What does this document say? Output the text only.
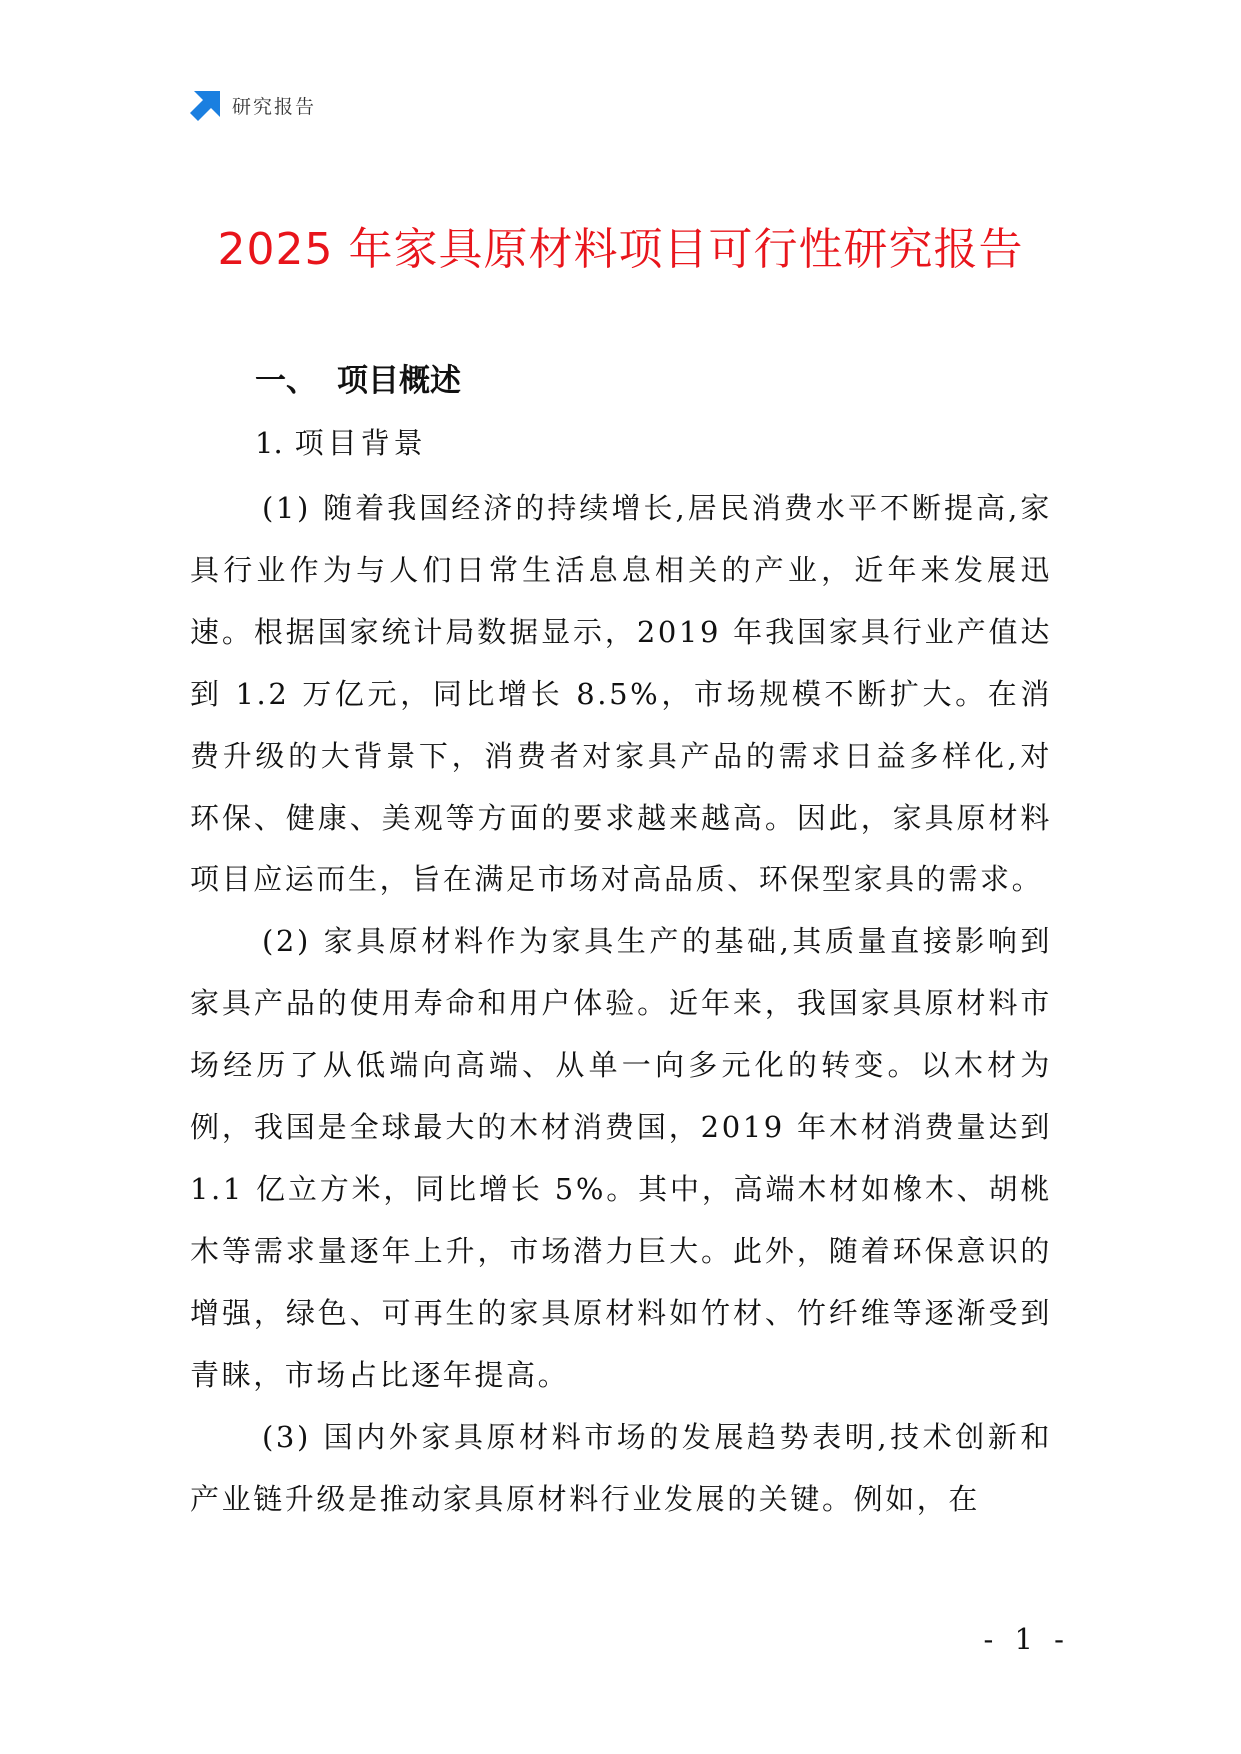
研究报告
2025 年家具原材料项目可行性研究报告
一、 项目概述
1. 项目背景

(1) 随着我国经济的持续增长,居民消费水平不断提高,家具行业作为与人们日常生活息息相关的产业，近年来发展迅速。根据国家统计局数据显示，2019 年我国家具行业产值达到 1.2 万亿元，同比增长 8.5%，市场规模不断扩大。在消费升级的大背景下，消费者对家具产品的需求日益多样化,对环保、健康、美观等方面的要求越来越高。因此，家具原材料项目应运而生，旨在满足市场对高品质、环保型家具的需求。

(2) 家具原材料作为家具生产的基础,其质量直接影响到家具产品的使用寿命和用户体验。近年来，我国家具原材料市场经历了从低端向高端、从单一向多元化的转变。以木材为例，我国是全球最大的木材消费国，2019 年木材消费量达到 1.1 亿立方米，同比增长 5%。其中，高端木材如橡木、胡桃木等需求量逐年上升，市场潜力巨大。此外，随着环保意识的增强，绿色、可再生的家具原材料如竹材、竹纤维等逐渐受到青睐，市场占比逐年提高。

(3) 国内外家具原材料市场的发展趋势表明,技术创新和产业链升级是推动家具原材料行业发展的关键。例如，在

- 1 -
